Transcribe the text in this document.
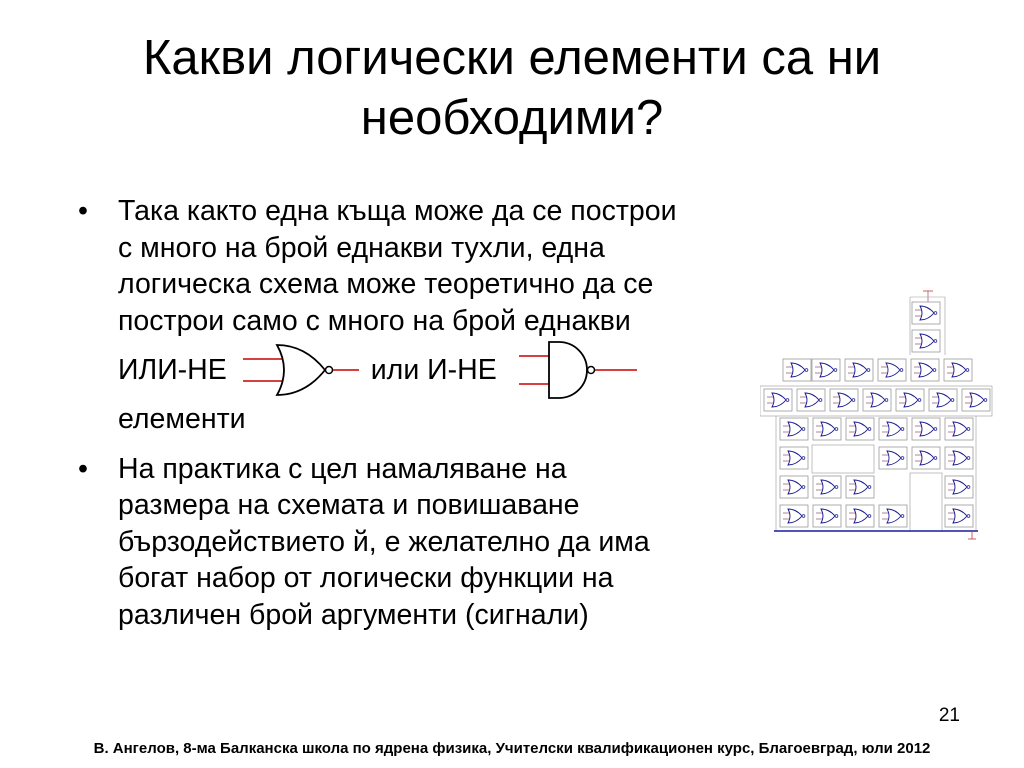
Какви логически елементи са ни
необходими?
•	Така както една къща може да се построи
с много на брой еднакви тухли, една
логическа схема може теоретично да се
построи само с много на брой еднакви
ИЛИ-НЕ	или И-НЕ
елементи
•	На практика с цел намаляване на
размера на схемата и повишаване
бързодействието й, е желателно да има
богат набор от логически функции на
различен брой аргументи (сигнали)
21
В. Ангелов, 8-ма Балканска школа по ядрена физика, Учителски квалификационен курс, Благоевград, юли 2012
